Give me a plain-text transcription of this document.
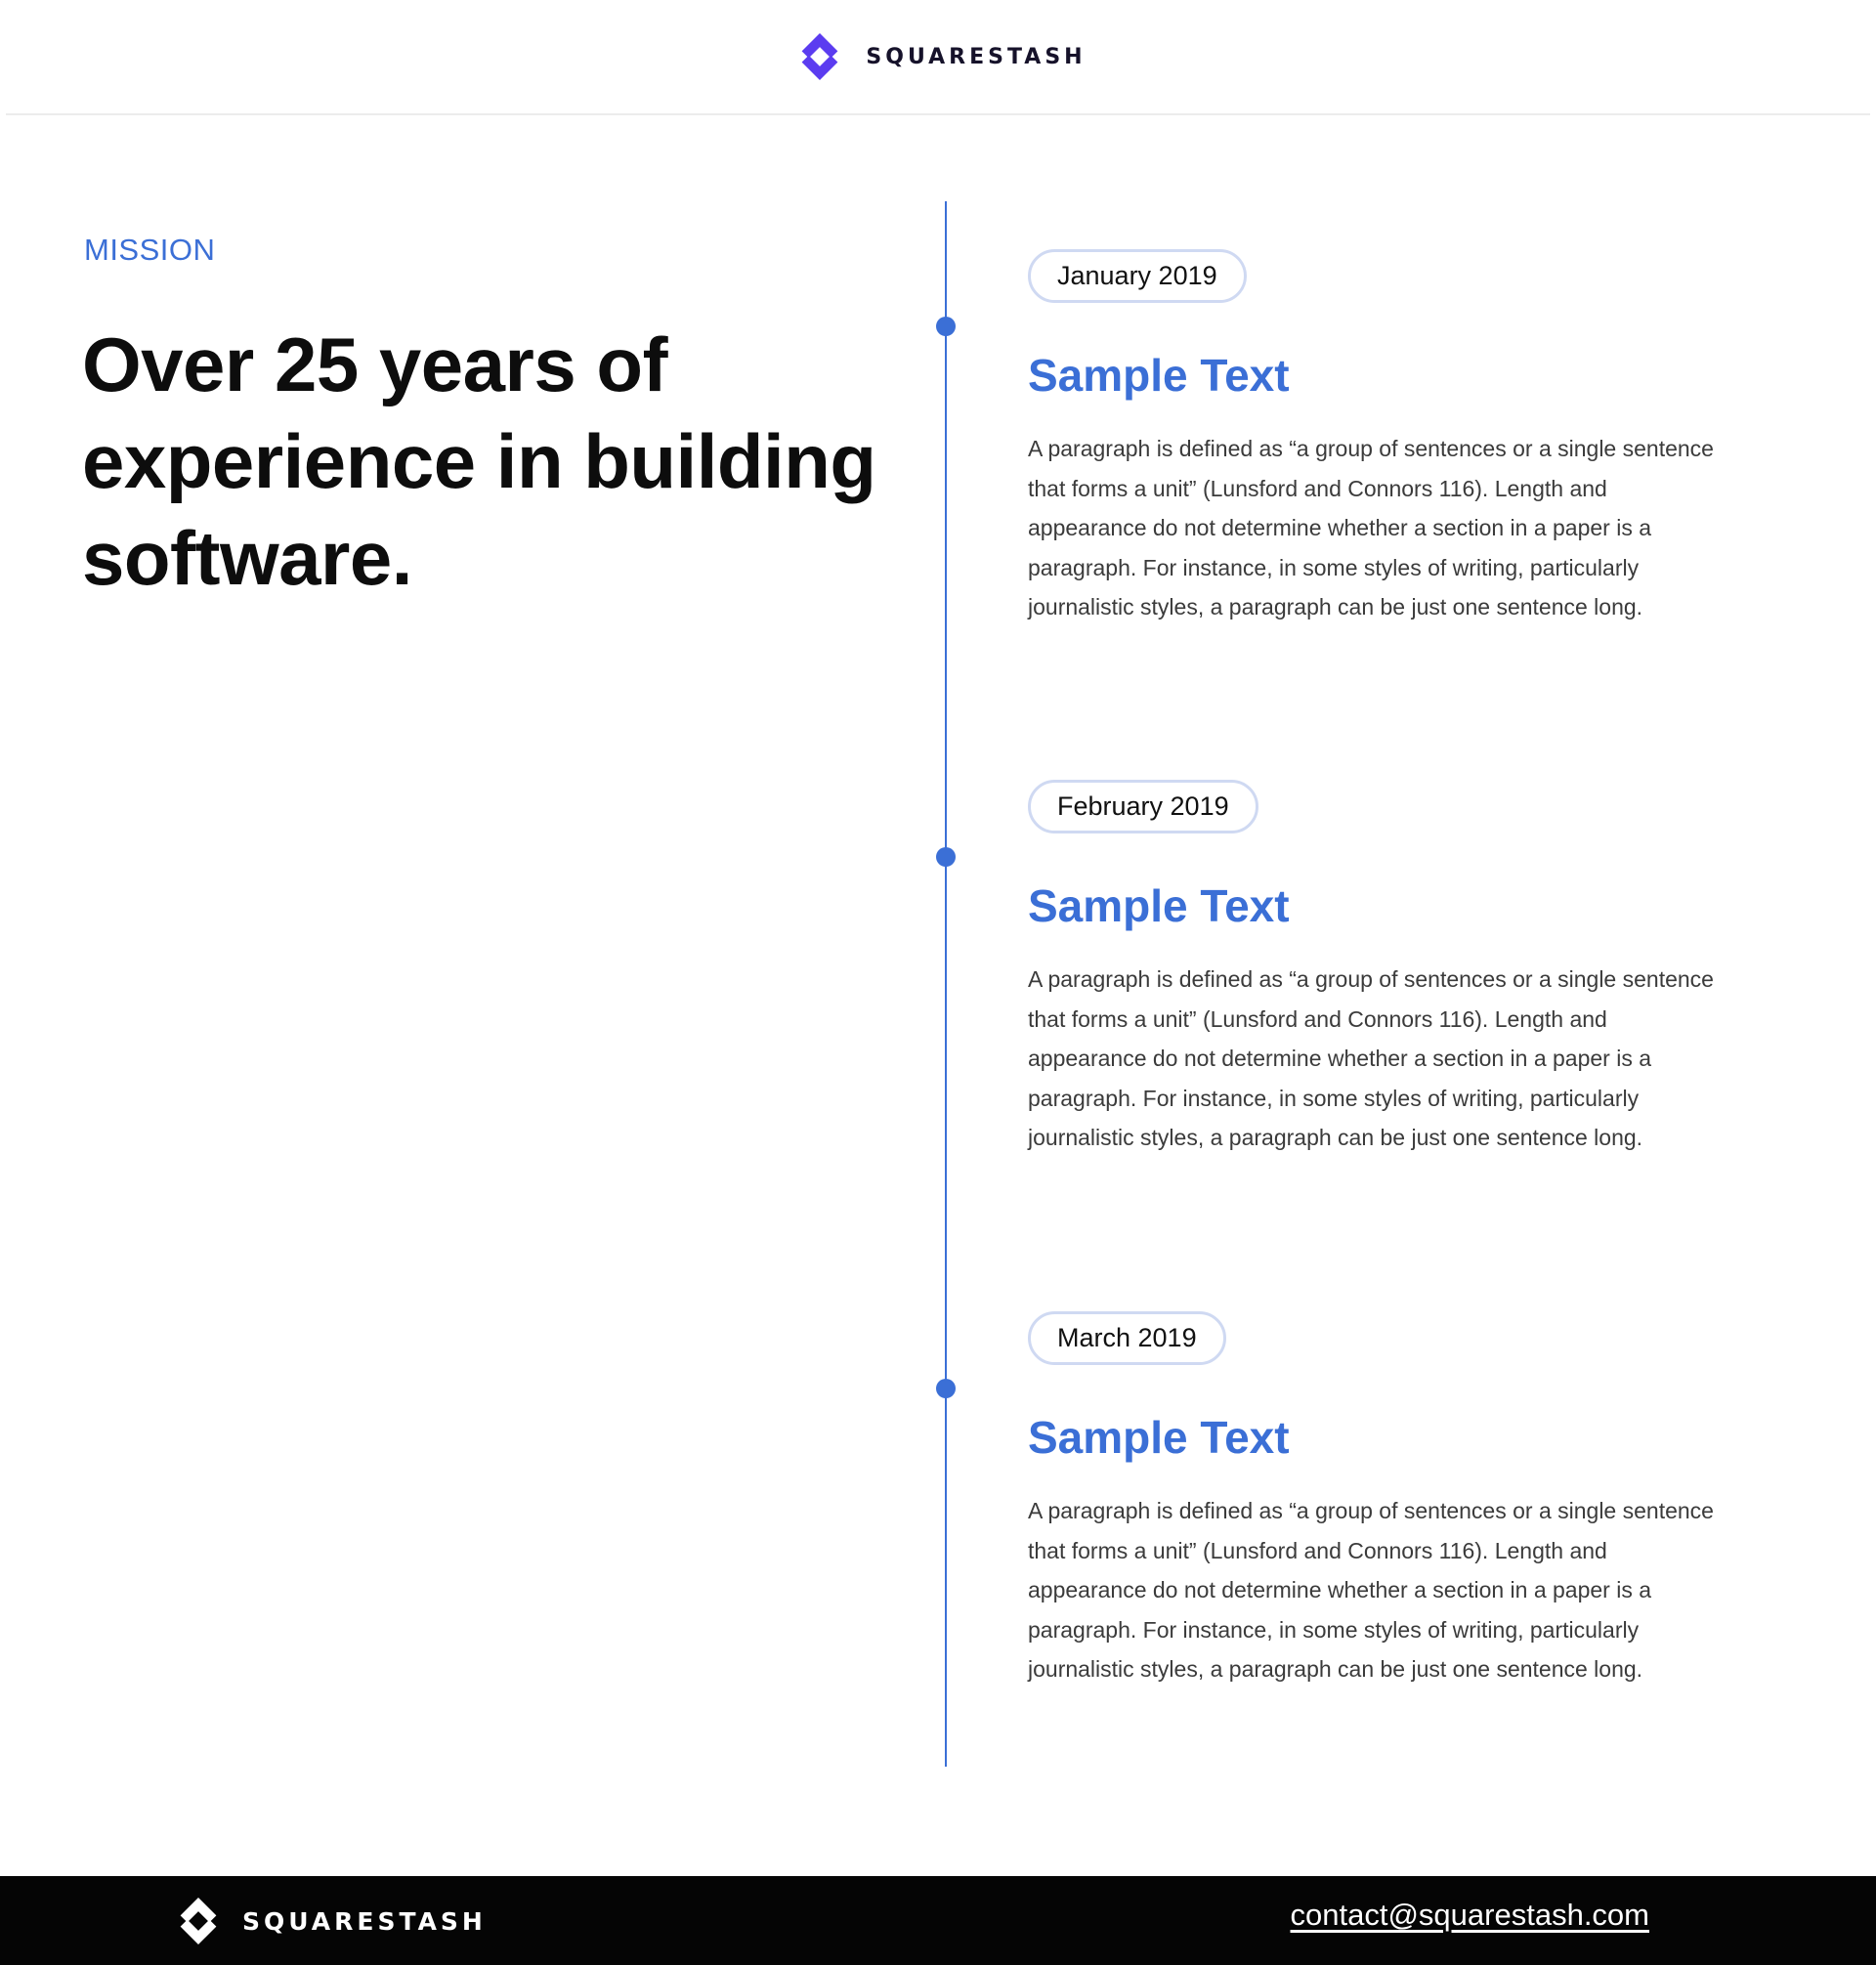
SQUARESTASH
MISSION
Over 25 years of experience in building software.
January 2019
Sample Text

A paragraph is defined as “a group of sentences or a single sentence that forms a unit” (Lunsford and Connors 116). Length and appearance do not determine whether a section in a paper is a paragraph. For instance, in some styles of writing, particularly journalistic styles, a paragraph can be just one sentence long.

February 2019
Sample Text

A paragraph is defined as “a group of sentences or a single sentence that forms a unit” (Lunsford and Connors 116). Length and appearance do not determine whether a section in a paper is a paragraph. For instance, in some styles of writing, particularly journalistic styles, a paragraph can be just one sentence long.

March 2019
Sample Text

A paragraph is defined as “a group of sentences or a single sentence that forms a unit” (Lunsford and Connors 116). Length and appearance do not determine whether a section in a paper is a paragraph. For instance, in some styles of writing, particularly journalistic styles, a paragraph can be just one sentence long.

SQUARESTASH	contact@squarestash.com
